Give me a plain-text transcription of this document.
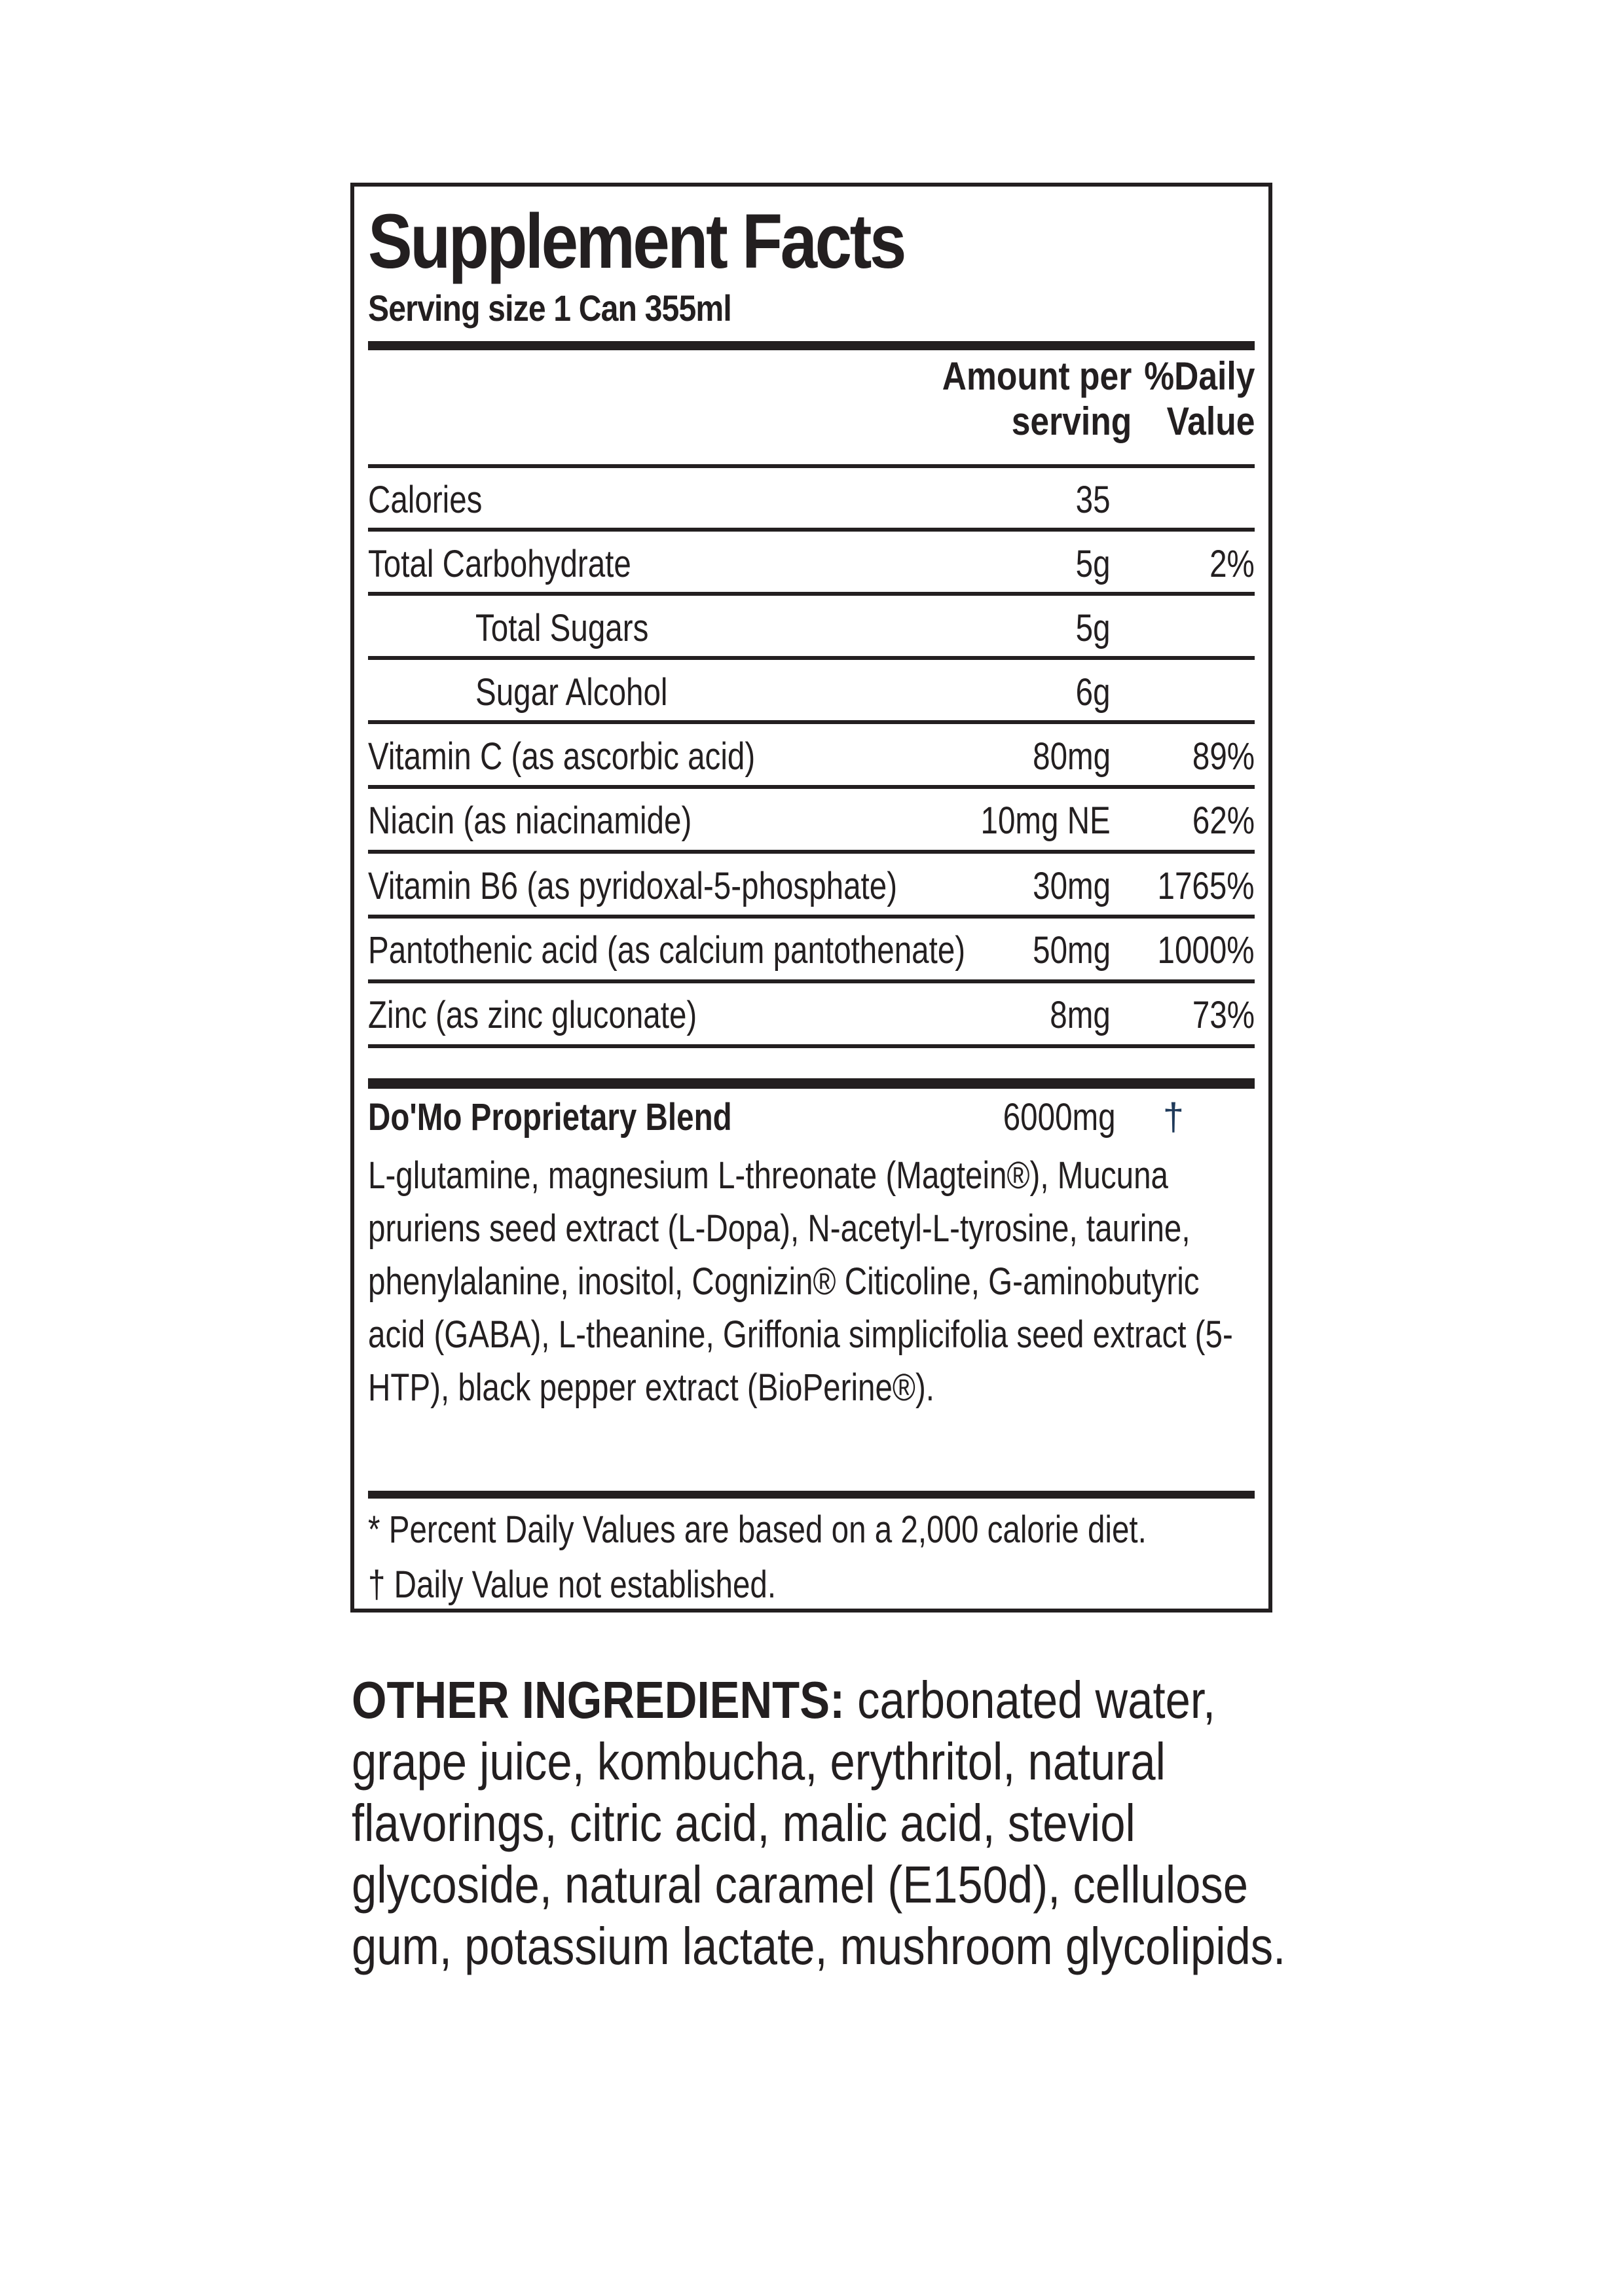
Supplement Facts
Serving size 1 Can 355ml
Amount per
serving
%Daily
Value
Calories	35
Total Carbohydrate	5g	2%
Total Sugars	5g
Sugar Alcohol	6g
Vitamin C (as ascorbic acid)	80mg 89%
Niacin (as niacinamide)	10mg NE 62%
Vitamin B6 (as pyridoxal-5-phosphate)	30mg 1765%
Pantothenic acid (as calcium pantothenate)	50mg 1000%
Zinc (as zinc gluconate)	8mg 73%
Do'Mo Proprietary Blend	6000mg †
L-glutamine, magnesium L-threonate (Magtein®), Mucuna pruriens seed extract (L-Dopa), N-acetyl-L-tyrosine, taurine, phenylalanine, inositol, Cognizin® Citicoline, G-aminobutyric acid (GABA), L-theanine, Griffonia simplicifolia seed extract (5-HTP), black pepper extract (BioPerine®).
* Percent Daily Values are based on a 2,000 calorie diet.
† Daily Value not established.
OTHER INGREDIENTS: carbonated water, grape juice, kombucha, erythritol, natural flavorings, citric acid, malic acid, steviol glycoside, natural caramel (E150d), cellulose gum, potassium lactate, mushroom glycolipids.
